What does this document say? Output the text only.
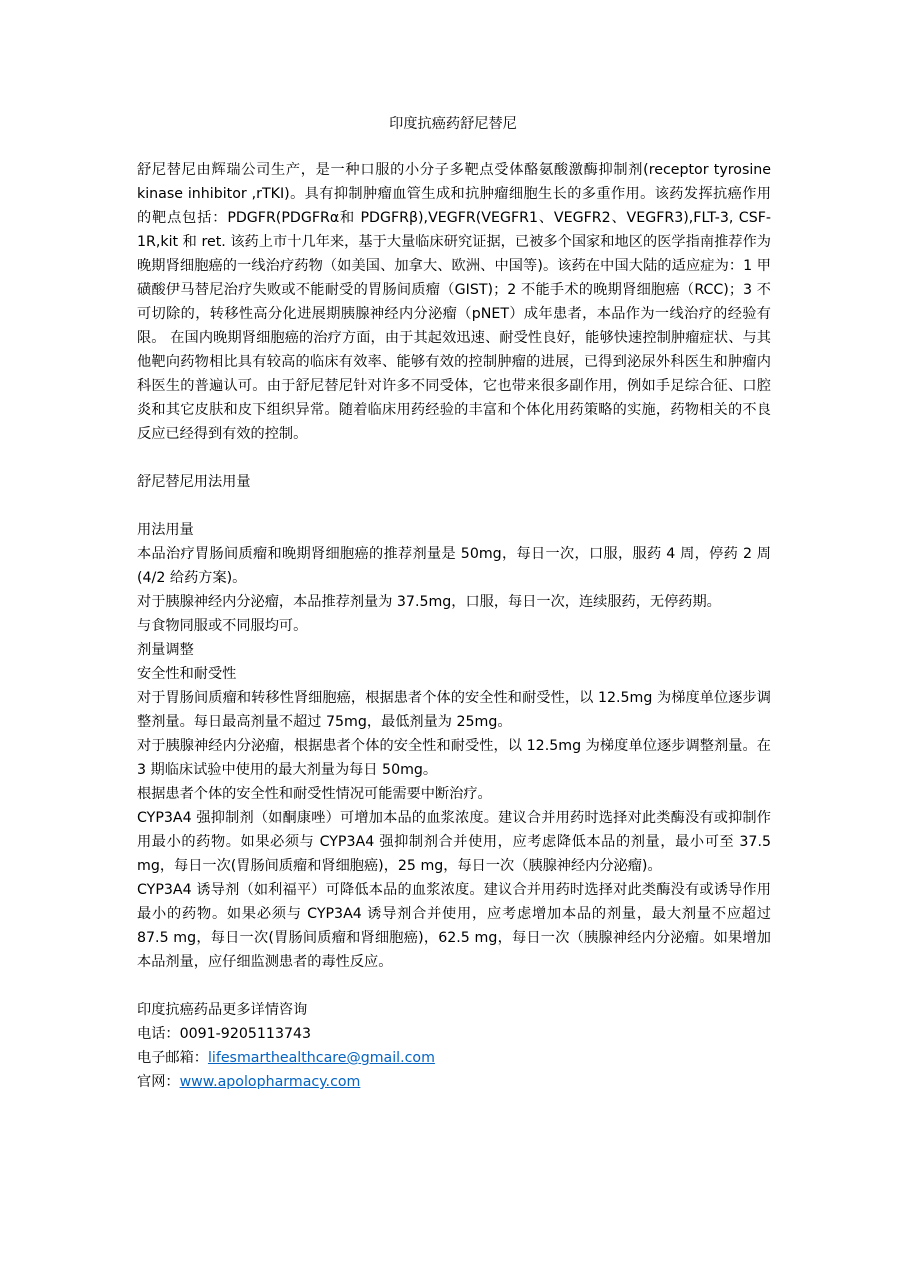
印度抗癌药舒尼替尼

舒尼替尼由辉瑞公司生产，是一种口服的小分子多靶点受体酪氨酸激酶抑制剂(receptor tyrosine kinase inhibitor ,rTKI)。具有抑制肿瘤血管生成和抗肿瘤细胞生长的多重作用。该药发挥抗癌作用的靶点包括：PDGFR(PDGFRα和 PDGFRβ),VEGFR(VEGFR1、VEGFR2、VEGFR3),FLT-3, CSF-1R,kit 和 ret. 该药上市十几年来，基于大量临床研究证据，已被多个国家和地区的医学指南推荐作为晚期肾细胞癌的一线治疗药物（如美国、加拿大、欧洲、中国等)。该药在中国大陆的适应症为：1 甲磺酸伊马替尼治疗失败或不能耐受的胃肠间质瘤（GIST)；2 不能手术的晚期肾细胞癌（RCC)；3 不可切除的，转移性高分化进展期胰腺神经内分泌瘤（pNET）成年患者，本品作为一线治疗的经验有限。 在国内晚期肾细胞癌的治疗方面，由于其起效迅速、耐受性良好，能够快速控制肿瘤症状、与其他靶向药物相比具有较高的临床有效率、能够有效的控制肿瘤的进展，已得到泌尿外科医生和肿瘤内科医生的普遍认可。由于舒尼替尼针对许多不同受体，它也带来很多副作用，例如手足综合征、口腔炎和其它皮肤和皮下组织异常。随着临床用药经验的丰富和个体化用药策略的实施，药物相关的不良反应已经得到有效的控制。

舒尼替尼用法用量

用法用量

本品治疗胃肠间质瘤和晚期肾细胞癌的推荐剂量是 50mg，每日一次，口服，服药 4 周，停药 2 周(4/2 给药方案)。

对于胰腺神经内分泌瘤，本品推荐剂量为 37.5mg，口服，每日一次，连续服药，无停药期。

与食物同服或不同服均可。

剂量调整

安全性和耐受性

对于胃肠间质瘤和转移性肾细胞癌，根据患者个体的安全性和耐受性，以 12.5mg 为梯度单位逐步调整剂量。每日最高剂量不超过 75mg，最低剂量为 25mg。

对于胰腺神经内分泌瘤，根据患者个体的安全性和耐受性，以 12.5mg 为梯度单位逐步调整剂量。在 3 期临床试验中使用的最大剂量为每日 50mg。

根据患者个体的安全性和耐受性情况可能需要中断治疗。

CYP3A4 强抑制剂（如酮康唑）可增加本品的血浆浓度。建议合并用药时选择对此类酶没有或抑制作用最小的药物。如果必须与 CYP3A4 强抑制剂合并使用，应考虑降低本品的剂量，最小可至 37.5 mg，每日一次(胃肠间质瘤和肾细胞癌)，25 mg，每日一次（胰腺神经内分泌瘤)。

CYP3A4 诱导剂（如利福平）可降低本品的血浆浓度。建议合并用药时选择对此类酶没有或诱导作用最小的药物。如果必须与 CYP3A4 诱导剂合并使用，应考虑增加本品的剂量，最大剂量不应超过 87.5 mg，每日一次(胃肠间质瘤和肾细胞癌)，62.5 mg，每日一次（胰腺神经内分泌瘤。如果增加本品剂量，应仔细监测患者的毒性反应。

印度抗癌药品更多详情咨询

电话：0091-9205113743

电子邮箱：lifesmarthealthcare@gmail.com

官网：www.apolopharmacy.com
